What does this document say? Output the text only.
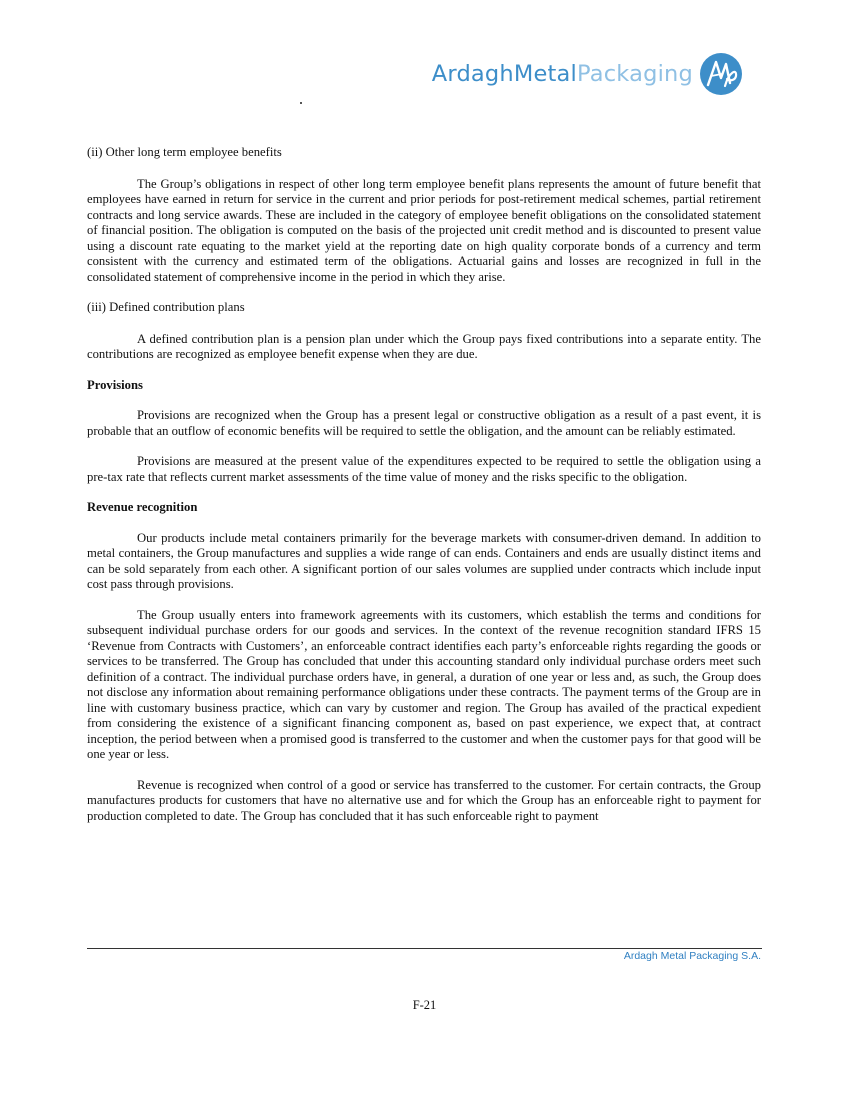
ArdaghMetalPackaging

(ii) Other long term employee benefits

The Group’s obligations in respect of other long term employee benefit plans represents the amount of future benefit that employees have earned in return for service in the current and prior periods for post-retirement medical schemes, partial retirement contracts and long service awards. These are included in the category of employee benefit obligations on the consolidated statement of financial position. The obligation is computed on the basis of the projected unit credit method and is discounted to present value using a discount rate equating to the market yield at the reporting date on high quality corporate bonds of a currency and term consistent with the currency and estimated term of the obligations. Actuarial gains and losses are recognized in full in the consolidated statement of comprehensive income in the period in which they arise.

(iii) Defined contribution plans

A defined contribution plan is a pension plan under which the Group pays fixed contributions into a separate entity. The contributions are recognized as employee benefit expense when they are due.

Provisions

Provisions are recognized when the Group has a present legal or constructive obligation as a result of a past event, it is probable that an outflow of economic benefits will be required to settle the obligation, and the amount can be reliably estimated.

Provisions are measured at the present value of the expenditures expected to be required to settle the obligation using a pre-tax rate that reflects current market assessments of the time value of money and the risks specific to the obligation.

Revenue recognition

Our products include metal containers primarily for the beverage markets with consumer-driven demand. In addition to metal containers, the Group manufactures and supplies a wide range of can ends. Containers and ends are usually distinct items and can be sold separately from each other. A significant portion of our sales volumes are supplied under contracts which include input cost pass through provisions.

The Group usually enters into framework agreements with its customers, which establish the terms and conditions for subsequent individual purchase orders for our goods and services. In the context of the revenue recognition standard IFRS 15 ‘Revenue from Contracts with Customers’, an enforceable contract identifies each party’s enforceable rights regarding the goods or services to be transferred. The Group has concluded that under this accounting standard only individual purchase orders meet such definition of a contract. The individual purchase orders have, in general, a duration of one year or less and, as such, the Group does not disclose any information about remaining performance obligations under these contracts. The payment terms of the Group are in line with customary business practice, which can vary by customer and region. The Group has availed of the practical expedient from considering the existence of a significant financing component as, based on past experience, we expect that, at contract inception, the period between when a promised good is transferred to the customer and when the customer pays for that good will be one year or less.

Revenue is recognized when control of a good or service has transferred to the customer. For certain contracts, the Group manufactures products for customers that have no alternative use and for which the Group has an enforceable right to payment for production completed to date. The Group has concluded that it has such enforceable right to payment

Ardagh Metal Packaging S.A.
F-21
